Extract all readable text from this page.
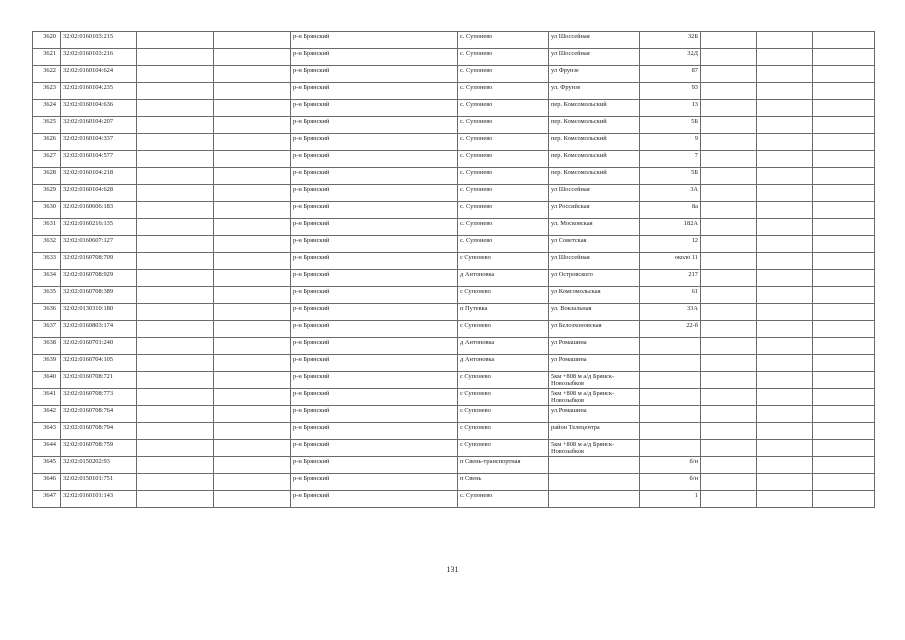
3620	32:02:0160103:215			р-н Брянский	с. Супонево	ул Шоссейная	32Б			
3621	32:02:0160103:216			р-н Брянский	с. Супонево	ул Шоссейная	32Д			
3622	32:02:0160104:624			р-н Брянский	с. Супонево	ул Фрунзе	87			
3623	32:02:0160104:235			р-н Брянский	с. Супонево	ул. Фрунзе	93			
3624	32:02:0160104:636			р-н Брянский	с. Супонево	пер. Комсомольский	13			
3625	32:02:0160104:207			р-н Брянский	с. Супонево	пер. Комсомольский	5Б			
3626	32:02:0160104:337			р-н Брянский	с. Супонево	пер. Комсомольский	9			
3627	32:02:0160104:577			р-н Брянский	с. Супонево	пер. Комсомольский	7			
3628	32:02:0160104:218			р-н Брянский	с. Супонево	пер. Комсомольский	5Б			
3629	32:02:0160104:628			р-н Брянский	с. Супонево	ул Шоссейная	3А			
3630	32:02:0160606:183			р-н Брянский	с. Супонево	ул Российская	8а			
3631	32:02:0160216:135			р-н Брянский	с. Супонево	ул. Московская	182А			
3632	32:02:0160607:127			р-н Брянский	с. Супонево	ул Советская	12			
3633	32:02:0160708:709			р-н Брянский	с Супонево	ул Шоссейная	около 11			
3634	32:02:0160708:929			р-н Брянский	д Антоновка	ул Островского	217			
3635	32:02:0160708:389			р-н Брянский	с Супонево	ул Комсомольская	61			
3636	32:02:0130310:180			р-н Брянский	п Путевка	ул. Вокзальная	33А			
3637	32:02:0160803:174			р-н Брянский	с Супонево	ул Белоэхоновская	22-б			
3638	32:02:0160701:240			р-н Брянский	д Антоновка	ул Ромашина				
3639	32:02:0160704:105			р-н Брянский	д Антоновка	ул Ромашина				
3640	32:02:0160708:721			р-н Брянский	с Супонево	5км +808 м а/д Брянск-Новозыбков				
3641	32:02:0160708:773			р-н Брянский	с Супонево	5км +808 м а/д Брянск-Новозыбков				
3642	32:02:0160708:764			р-н Брянский	с Супонево	ул.Ромашина				
3643	32:02:0160708:794			р-н Брянский	с Супонево	район Телецентра				
3644	32:02:0160708:759			р-н Брянский	с Супонево	5км +808 м а/д Брянск-Новозыбков				
3645	32:02:0150202:93			р-н Брянский	п Свень-транспортная		б/н			
3646	32:02:0150101:751			р-н Брянский	п Свень		б/н			
3647	32:02:0160101:143			р-н Брянский	с. Супонево		1			
131
